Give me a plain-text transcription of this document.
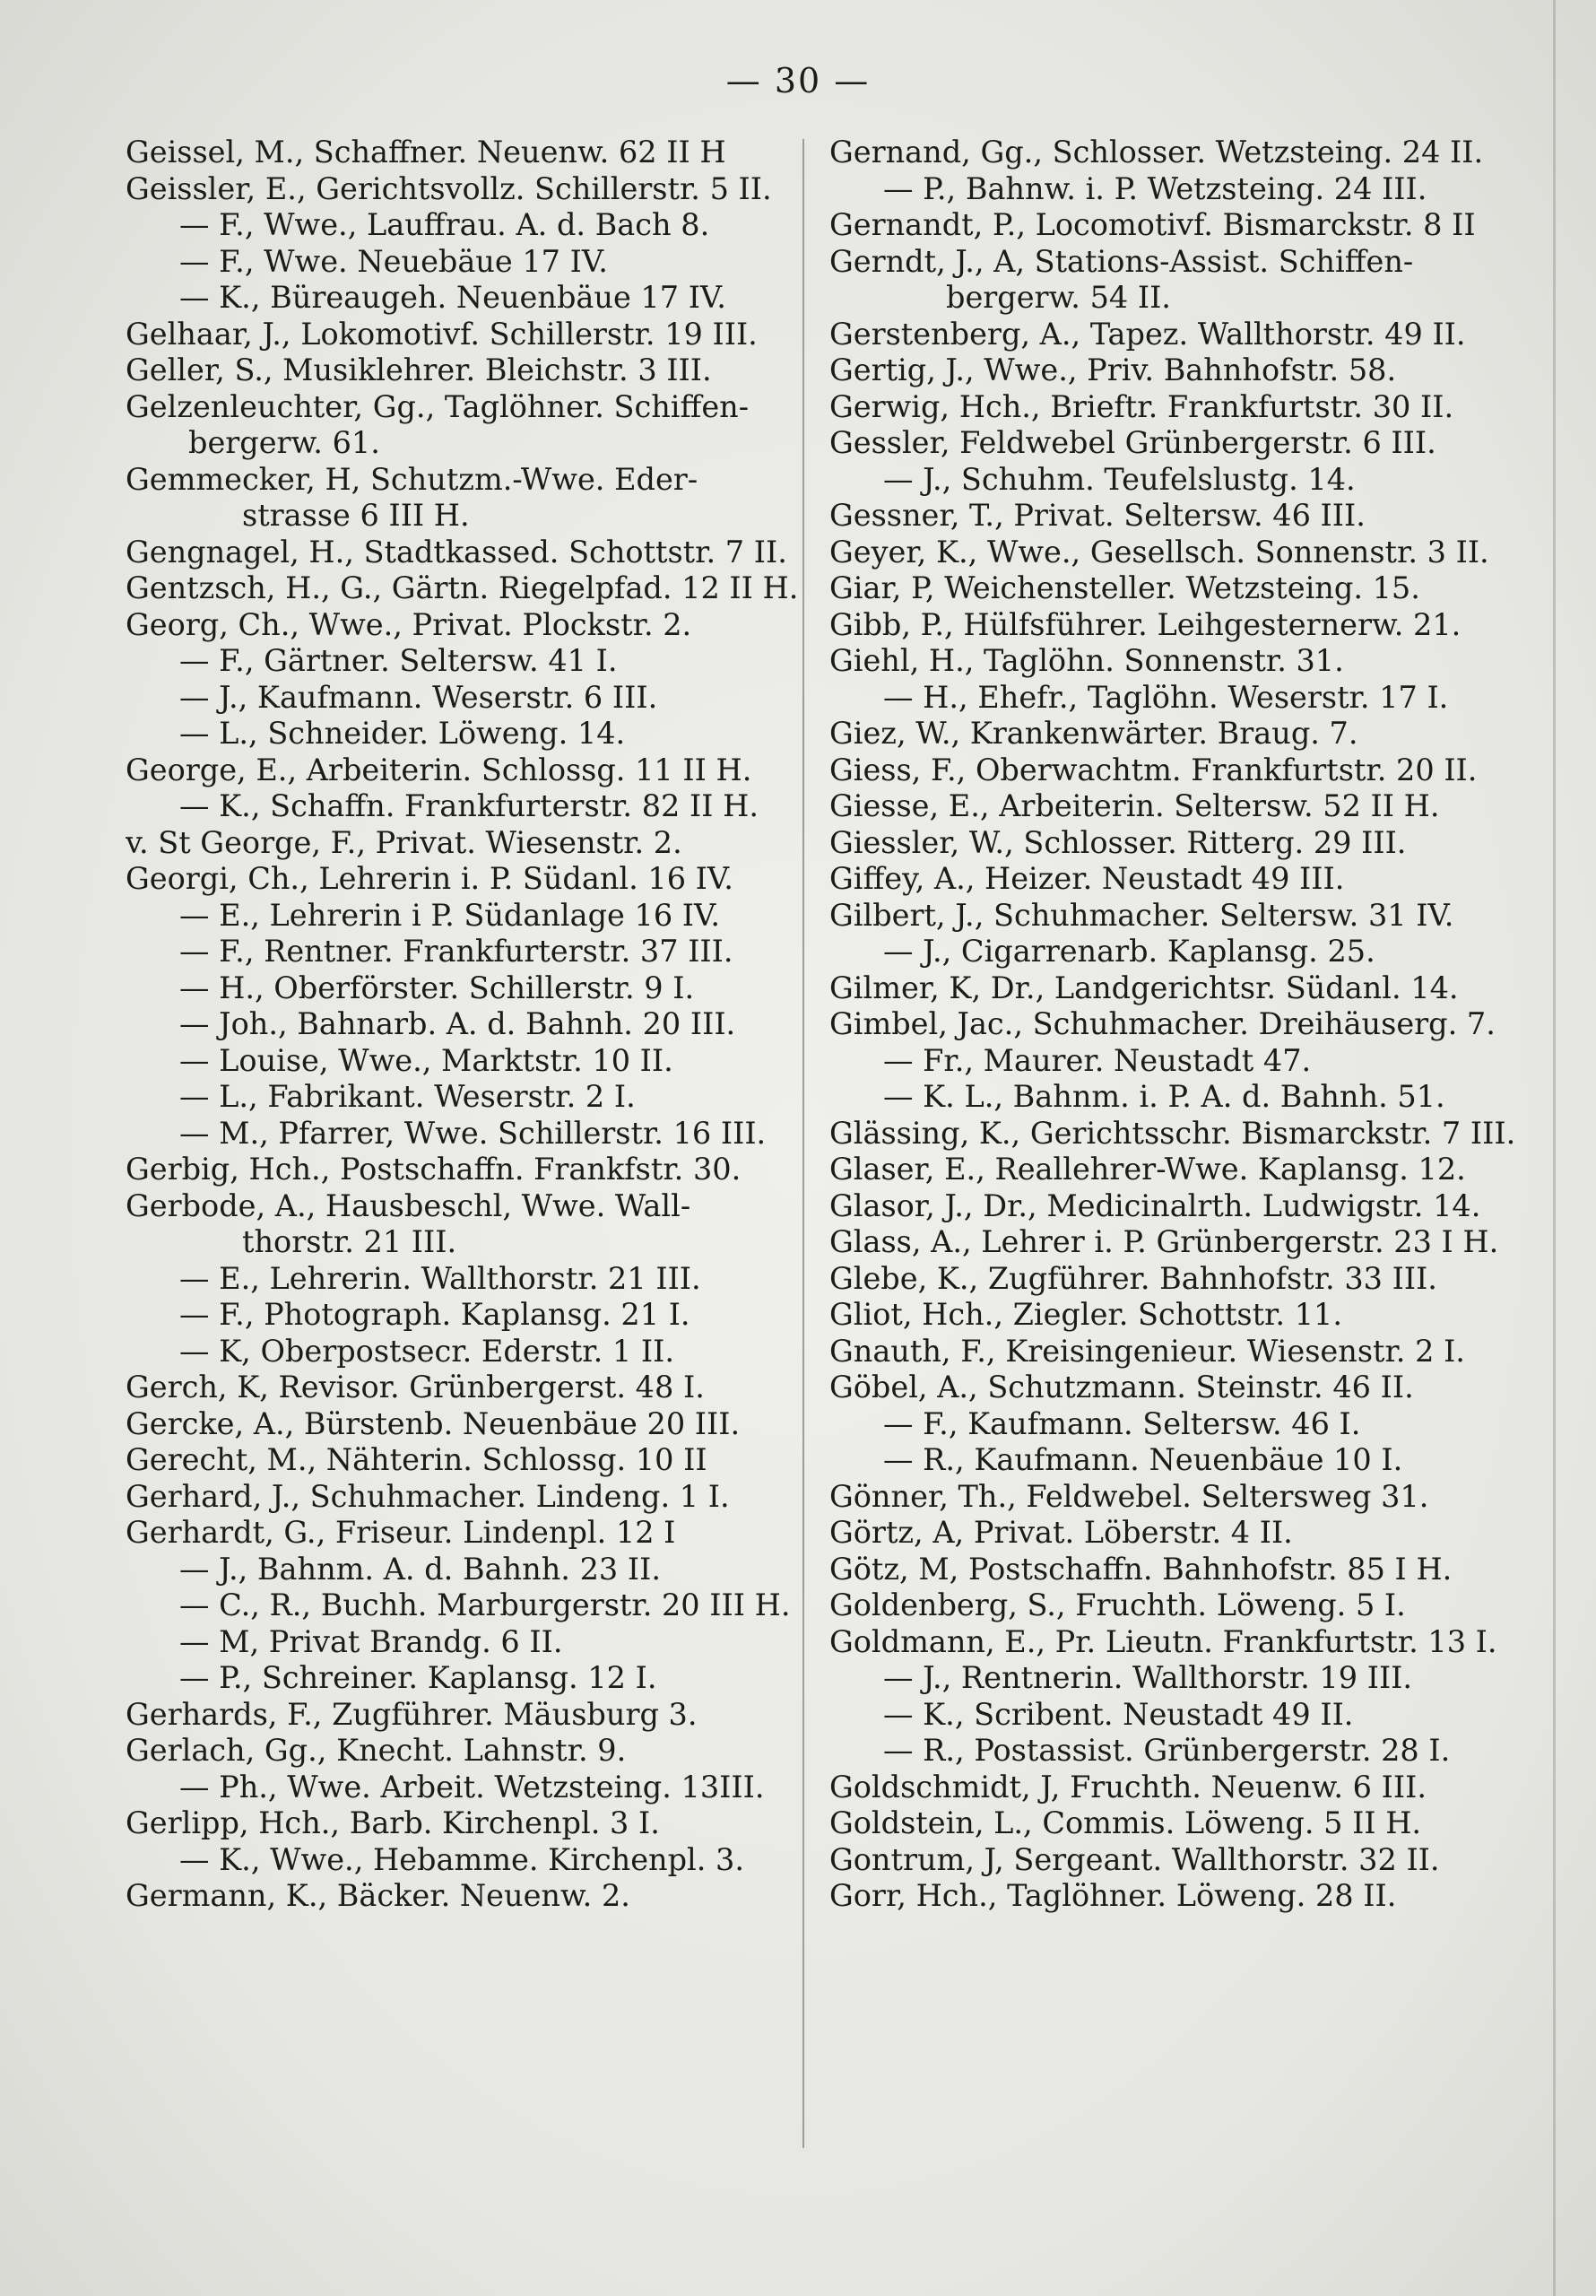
— 30 —
Geissel, M., Schaffner. Neuenw. 62 II H
Geissler, E., Gerichtsvollz. Schillerstr. 5 II.
— F., Wwe., Lauffrau. A. d. Bach 8.
— F., Wwe. Neuebäue 17 IV.
— K., Büreaugeh. Neuenbäue 17 IV.
Gelhaar, J., Lokomotivf. Schillerstr. 19 III.
Geller, S., Musiklehrer. Bleichstr. 3 III.
Gelzenleuchter, Gg., Taglöhner. Schiffen-
bergerw. 61.
Gemmecker, H, Schutzm.-Wwe. Eder-
strasse 6 III H.
Gengnagel, H., Stadtkassed. Schottstr. 7 II.
Gentzsch, H., G., Gärtn. Riegelpfad. 12 II H.
Georg, Ch., Wwe., Privat. Plockstr. 2.
— F., Gärtner. Seltersw. 41 I.
— J., Kaufmann. Weserstr. 6 III.
— L., Schneider. Löweng. 14.
George, E., Arbeiterin. Schlossg. 11 II H.
— K., Schaffn. Frankfurterstr. 82 II H.
v. St George, F., Privat. Wiesenstr. 2.
Georgi, Ch., Lehrerin i. P. Südanl. 16 IV.
— E., Lehrerin i P. Südanlage 16 IV.
— F., Rentner. Frankfurterstr. 37 III.
— H., Oberförster. Schillerstr. 9 I.
— Joh., Bahnarb. A. d. Bahnh. 20 III.
— Louise, Wwe., Marktstr. 10 II.
— L., Fabrikant. Weserstr. 2 I.
— M., Pfarrer, Wwe. Schillerstr. 16 III.
Gerbig, Hch., Postschaffn. Frankfstr. 30.
Gerbode, A., Hausbeschl, Wwe. Wall-
thorstr. 21 III.
— E., Lehrerin. Wallthorstr. 21 III.
— F., Photograph. Kaplansg. 21 I.
— K, Oberpostsecr. Ederstr. 1 II.
Gerch, K, Revisor. Grünbergerst. 48 I.
Gercke, A., Bürstenb. Neuenbäue 20 III.
Gerecht, M., Nähterin. Schlossg. 10 II
Gerhard, J., Schuhmacher. Lindeng. 1 I.
Gerhardt, G., Friseur. Lindenpl. 12 I
— J., Bahnm. A. d. Bahnh. 23 II.
— C., R., Buchh. Marburgerstr. 20 III H.
— M, Privat Brandg. 6 II.
— P., Schreiner. Kaplansg. 12 I.
Gerhards, F., Zugführer. Mäusburg 3.
Gerlach, Gg., Knecht. Lahnstr. 9.
— Ph., Wwe. Arbeit. Wetzsteing. 13III.
Gerlipp, Hch., Barb. Kirchenpl. 3 I.
— K., Wwe., Hebamme. Kirchenpl. 3.
Germann, K., Bäcker. Neuenw. 2.
Gernand, Gg., Schlosser. Wetzsteing. 24 II.
— P., Bahnw. i. P. Wetzsteing. 24 III.
Gernandt, P., Locomotivf. Bismarckstr. 8 II
Gerndt, J., A, Stations-Assist. Schiffen-
bergerw. 54 II.
Gerstenberg, A., Tapez. Wallthorstr. 49 II.
Gertig, J., Wwe., Priv. Bahnhofstr. 58.
Gerwig, Hch., Brieftr. Frankfurtstr. 30 II.
Gessler, Feldwebel Grünbergerstr. 6 III.
— J., Schuhm. Teufelslustg. 14.
Gessner, T., Privat. Seltersw. 46 III.
Geyer, K., Wwe., Gesellsch. Sonnenstr. 3 II.
Giar, P, Weichensteller. Wetzsteing. 15.
Gibb, P., Hülfsführer. Leihgesternerw. 21.
Giehl, H., Taglöhn. Sonnenstr. 31.
— H., Ehefr., Taglöhn. Weserstr. 17 I.
Giez, W., Krankenwärter. Braug. 7.
Giess, F., Oberwachtm. Frankfurtstr. 20 II.
Giesse, E., Arbeiterin. Seltersw. 52 II H.
Giessler, W., Schlosser. Ritterg. 29 III.
Giffey, A., Heizer. Neustadt 49 III.
Gilbert, J., Schuhmacher. Seltersw. 31 IV.
— J., Cigarrenarb. Kaplansg. 25.
Gilmer, K, Dr., Landgerichtsr. Südanl. 14.
Gimbel, Jac., Schuhmacher. Dreihäuserg. 7.
— Fr., Maurer. Neustadt 47.
— K. L., Bahnm. i. P. A. d. Bahnh. 51.
Glässing, K., Gerichtsschr. Bismarckstr. 7 III.
Glaser, E., Reallehrer-Wwe. Kaplansg. 12.
Glasor, J., Dr., Medicinalrth. Ludwigstr. 14.
Glass, A., Lehrer i. P. Grünbergerstr. 23 I H.
Glebe, K., Zugführer. Bahnhofstr. 33 III.
Gliot, Hch., Ziegler. Schottstr. 11.
Gnauth, F., Kreisingenieur. Wiesenstr. 2 I.
Göbel, A., Schutzmann. Steinstr. 46 II.
— F., Kaufmann. Seltersw. 46 I.
— R., Kaufmann. Neuenbäue 10 I.
Gönner, Th., Feldwebel. Seltersweg 31.
Görtz, A, Privat. Löberstr. 4 II.
Götz, M, Postschaffn. Bahnhofstr. 85 I H.
Goldenberg, S., Fruchth. Löweng. 5 I.
Goldmann, E., Pr. Lieutn. Frankfurtstr. 13 I.
— J., Rentnerin. Wallthorstr. 19 III.
— K., Scribent. Neustadt 49 II.
— R., Postassist. Grünbergerstr. 28 I.
Goldschmidt, J, Fruchth. Neuenw. 6 III.
Goldstein, L., Commis. Löweng. 5 II H.
Gontrum, J, Sergeant. Wallthorstr. 32 II.
Gorr, Hch., Taglöhner. Löweng. 28 II.
